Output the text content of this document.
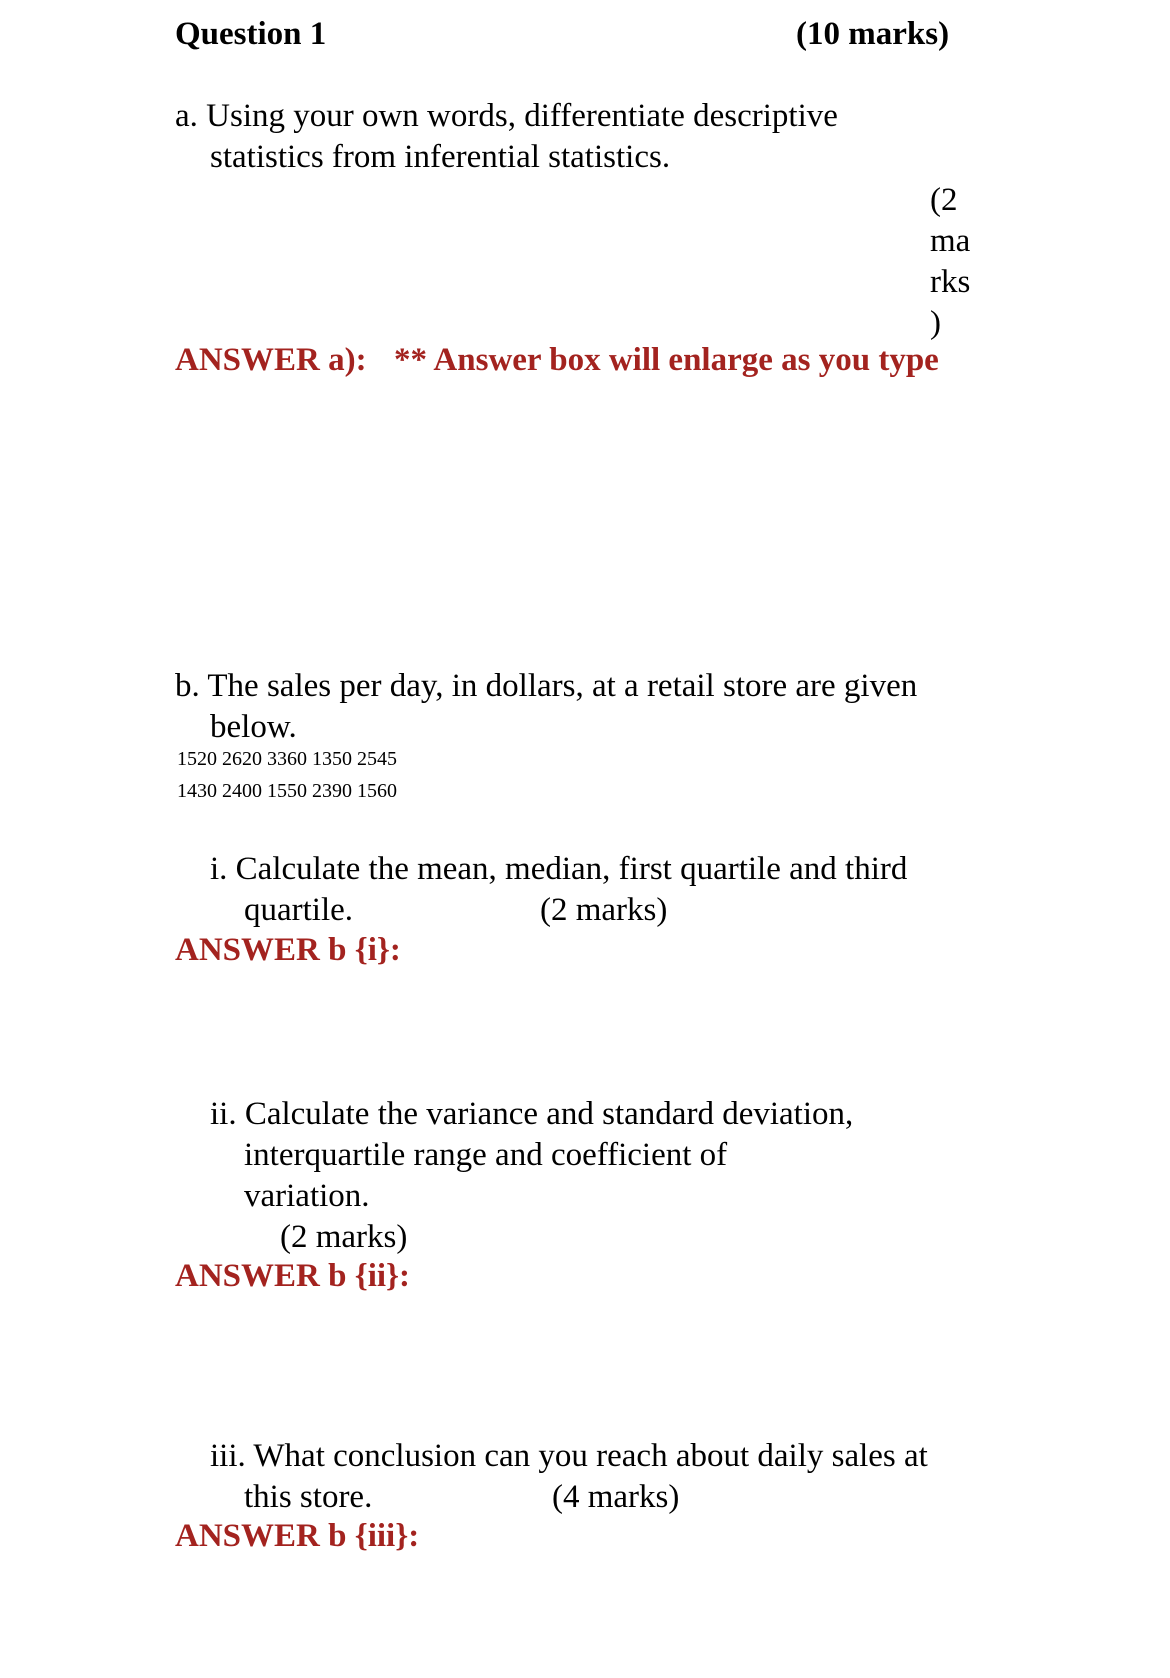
Question 1	(10 marks)
a. Using your own words, differentiate descriptive
statistics from inferential statistics.
(2
ma
rks
)
ANSWER a): ** Answer box will enlarge as you type
b. The sales per day, in dollars, at a retail store are given
below.
1520 2620 3360 1350 2545
1430 2400 1550 2390 1560
i. Calculate the mean, median, first quartile and third
quartile.	(2 marks)
ANSWER b {i}:
ii. Calculate the variance and standard deviation,
interquartile range and coefficient of
variation.
(2 marks)
ANSWER b {ii}:
iii. What conclusion can you reach about daily sales at
this store.	(4 marks)
ANSWER b {iii}:
